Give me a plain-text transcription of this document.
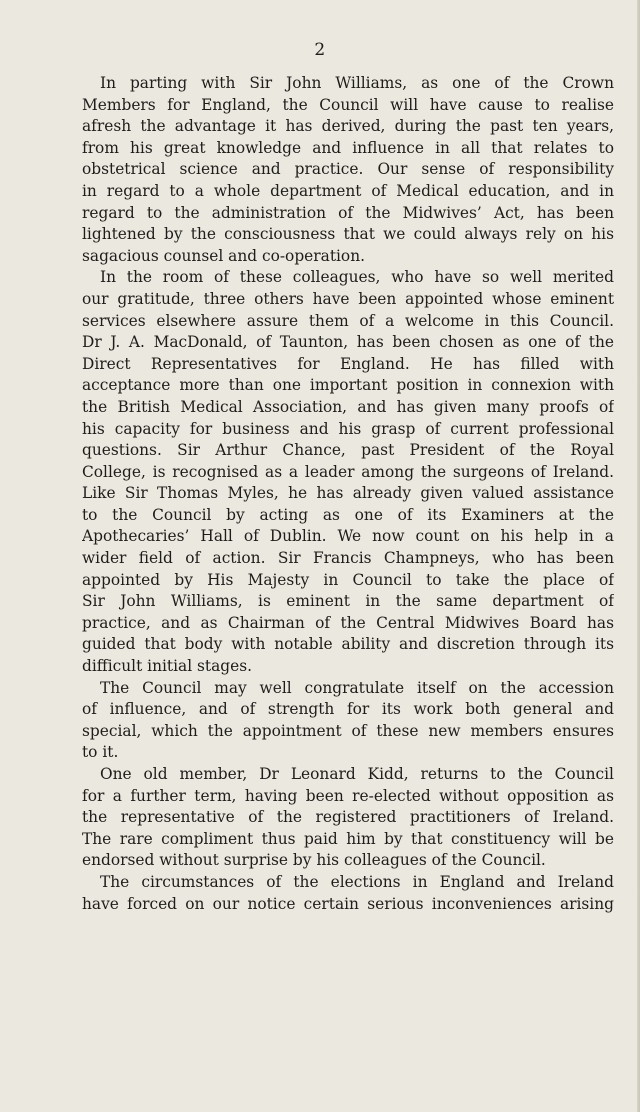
2
In parting with Sir John Williams, as one of the Crown
Members for England, the Council will have cause to realise
afresh the advantage it has derived, during the past ten years,
from his great knowledge and influence in all that relates to
obstetrical science and practice. Our sense of responsibility
in regard to a whole department of Medical education, and in
regard to the administration of the Midwives’ Act, has been
lightened by the consciousness that we could always rely on his
sagacious counsel and co-operation.
In the room of these colleagues, who have so well merited
our gratitude, three others have been appointed whose eminent
services elsewhere assure them of a welcome in this Council.
Dr J. A. MacDonald, of Taunton, has been chosen as one of the
Direct Representatives for England. He has filled with
acceptance more than one important position in connexion with
the British Medical Association, and has given many proofs of
his capacity for business and his grasp of current professional
questions. Sir Arthur Chance, past President of the Royal
College, is recognised as a leader among the surgeons of Ireland.
Like Sir Thomas Myles, he has already given valued assistance
to the Council by acting as one of its Examiners at the
Apothecaries’ Hall of Dublin. We now count on his help in a
wider field of action. Sir Francis Champneys, who has been
appointed by His Majesty in Council to take the place of
Sir John Williams, is eminent in the same department of
practice, and as Chairman of the Central Midwives Board has
guided that body with notable ability and discretion through its
difficult initial stages.
The Council may well congratulate itself on the accession
of influence, and of strength for its work both general and
special, which the appointment of these new members ensures
to it.
One old member, Dr Leonard Kidd, returns to the Council
for a further term, having been re-elected without opposition as
the representative of the registered practitioners of Ireland.
The rare compliment thus paid him by that constituency will be
endorsed without surprise by his colleagues of the Council.
The circumstances of the elections in England and Ireland
have forced on our notice certain serious inconveniences arising
